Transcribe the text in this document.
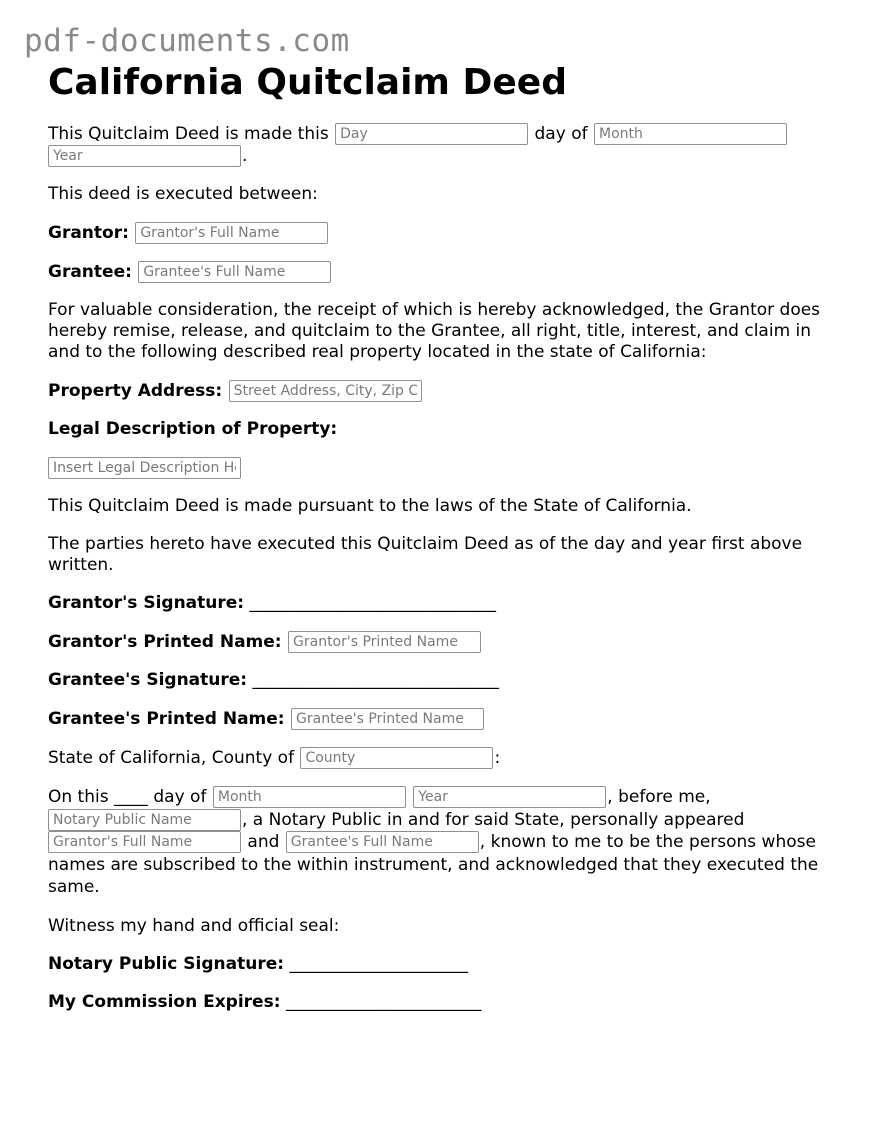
pdf-documents.com
California Quitclaim Deed

This Quitclaim Deed is made this Day	day of Month Year.

This deed is executed between:

Grantor: Grantor's Full Name

Grantee: Grantee's Full Name

For valuable consideration, the receipt of which is hereby acknowledged, the Grantor does hereby remise, release, and quitclaim to the Grantee, all right, title, interest, and claim in and to the following described real property located in the state of California:

Property Address: Street Address, City, Zip Code

Legal Description of Property:

Insert Legal Description Here

This Quitclaim Deed is made pursuant to the laws of the State of California.

The parties hereto have executed this Quitclaim Deed as of the day and year first above written.

Grantor's Signature: _____________________________

Grantor's Printed Name: Grantor's Printed Name

Grantee's Signature: _____________________________

Grantee's Printed Name: Grantee's Printed Name

State of California, County of County	:

On this ____ day of Month Year	, before me, Notary Public Name, a Notary Public in and for said State, personally appeared Grantor's Full Name and Grantee's Full Name	, known to me to be the persons whose names are subscribed to the within instrument, and acknowledged that they executed the same.

Witness my hand and official seal:

Notary Public Signature: _____________________

My Commission Expires: _______________________
